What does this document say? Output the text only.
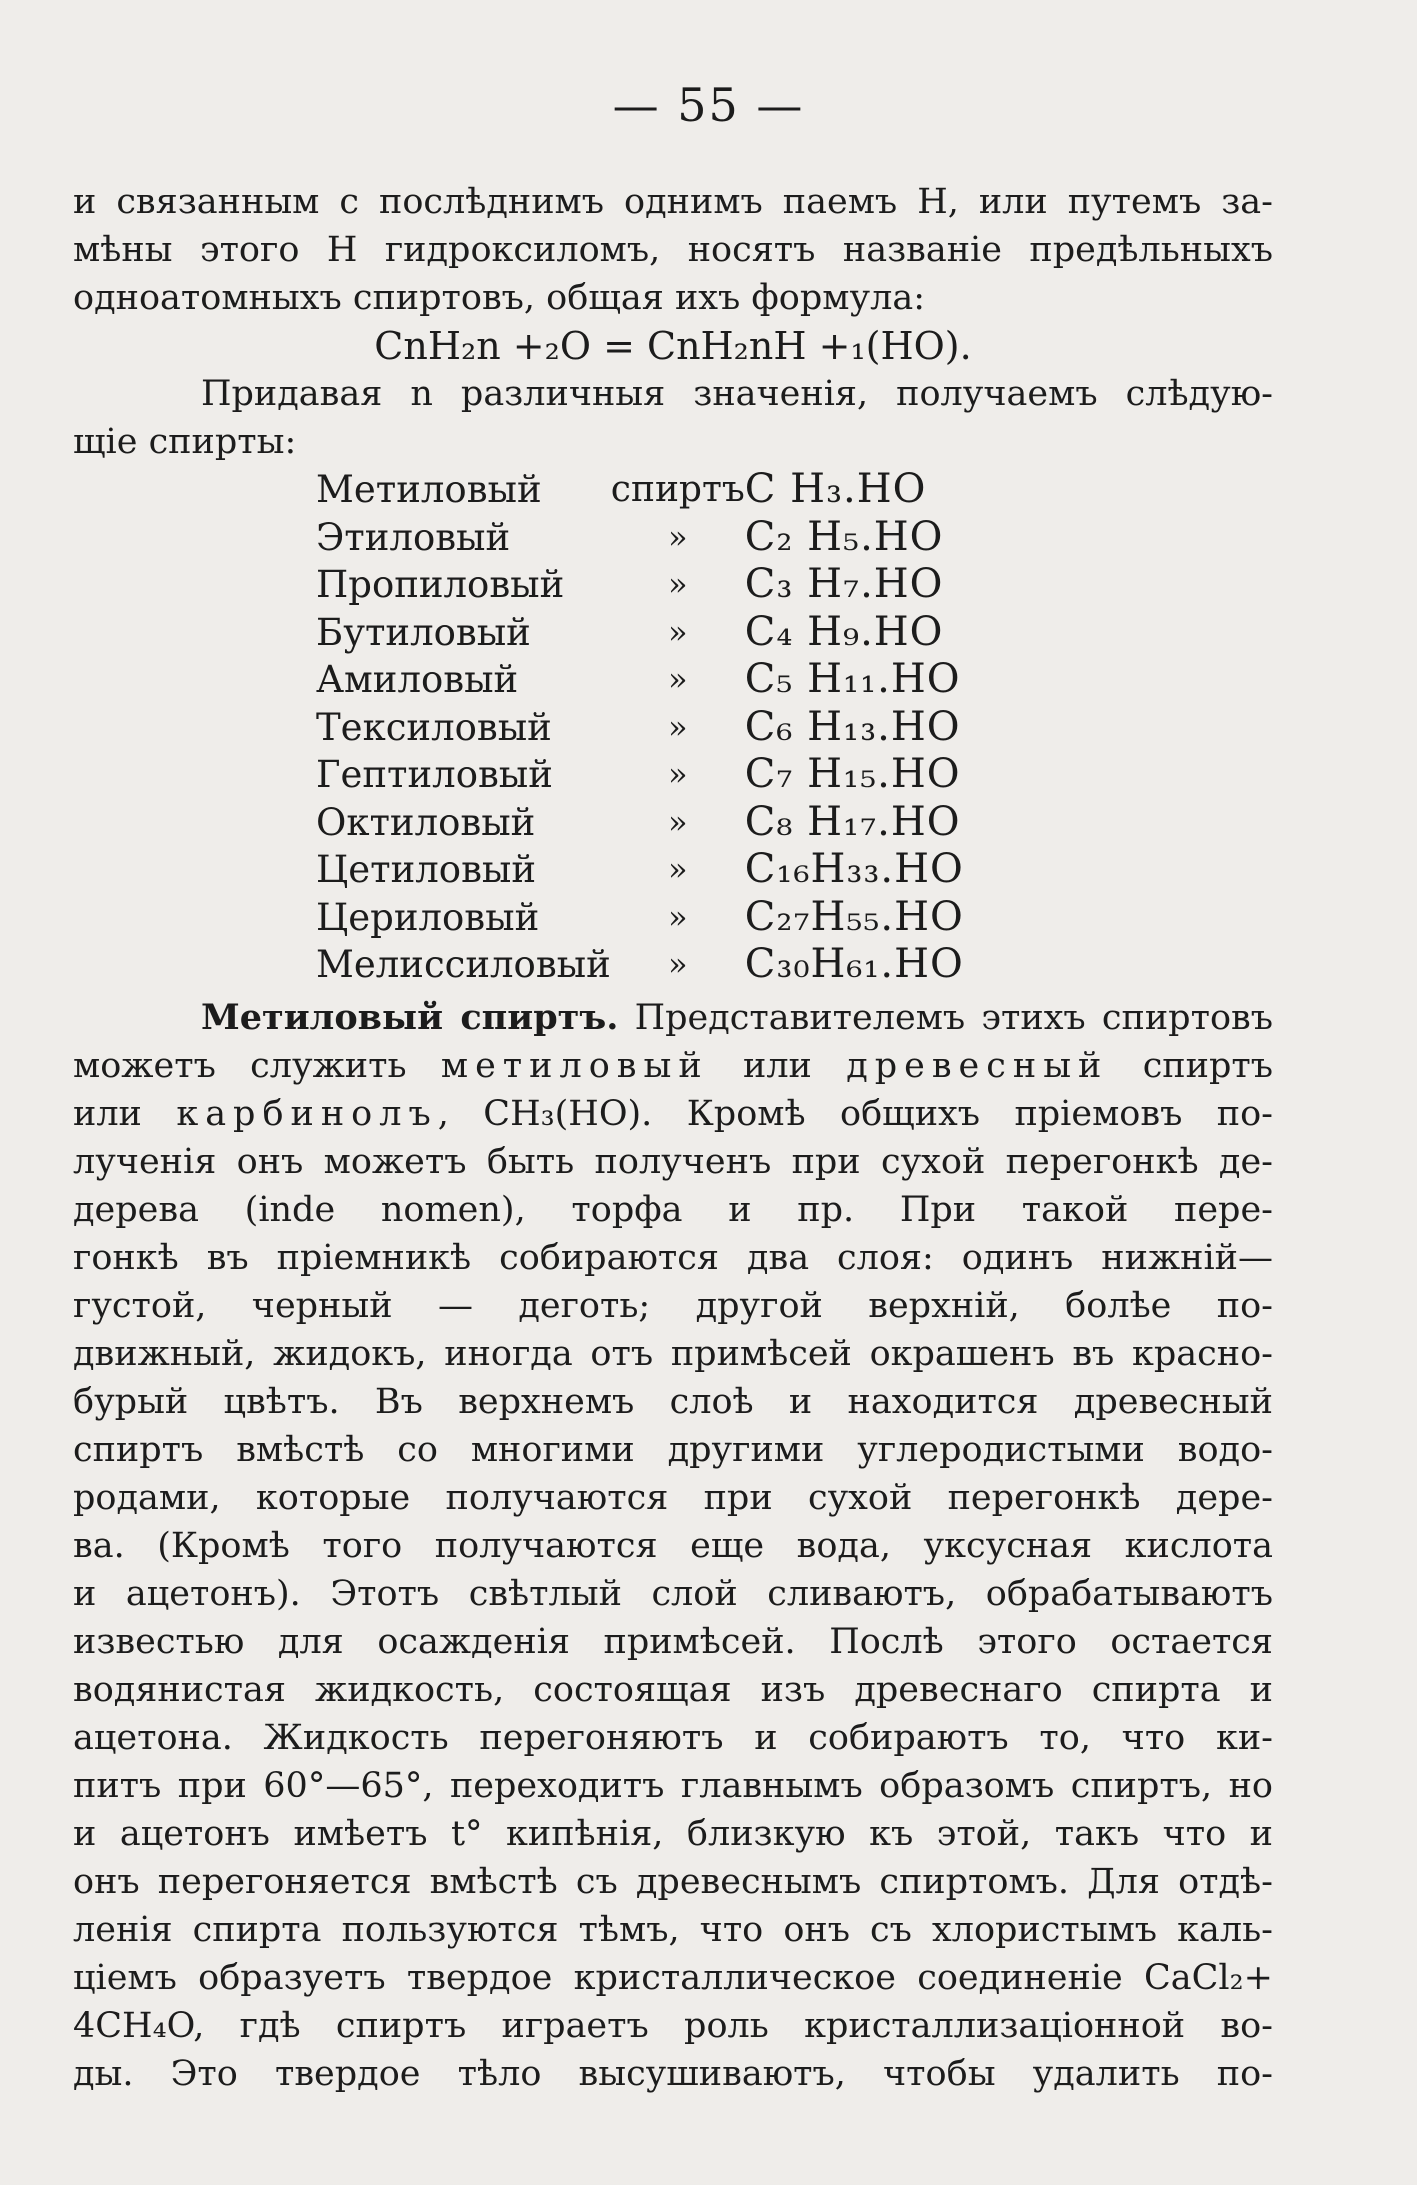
— 55 —
и связанным с послѣднимъ однимъ паемъ H, или путемъ за-
мѣны этого H гидроксиломъ, носятъ названіе предѣльныхъ
одноатомныхъ спиртовъ, общая ихъ формула:
CnH₂n +₂O = CnH₂nH +₁(HO).
Придавая n различныя значенія, получаемъ слѣдую-
щіе спирты:
Метиловый	спиртъ	C H₃.HO
Этиловый	»	C₂ H₅.HO
Пропиловый	»	C₃ H₇.HO
Бутиловый	»	C₄ H₉.HO
Амиловый	»	C₅ H₁₁.HO
Тексиловый	»	C₆ H₁₃.HO
Гептиловый	»	C₇ H₁₅.HO
Октиловый	»	C₈ H₁₇.HO
Цетиловый	»	C₁₆H₃₃.HO
Цериловый	»	C₂₇H₅₅.HO
Мелиссиловый	»	C₃₀H₆₁.HO
Метиловый спиртъ. Представителемъ этихъ спиртовъ
можетъ служить метиловый или древесный спиртъ
или карбинолъ, CH₃(HO). Кромѣ общихъ пріемовъ по-
лученія онъ можетъ быть полученъ при сухой перегонкѣ де-
дерева (inde nomen), торфа и пр. При такой пере-
гонкѣ въ пріемникѣ собираются два слоя: одинъ нижній—
густой, черный — деготь; другой верхній, болѣе по-
движный, жидокъ, иногда отъ примѣсей окрашенъ въ красно-
бурый цвѣтъ. Въ верхнемъ слоѣ и находится древесный
спиртъ вмѣстѣ со многими другими углеродистыми водо-
родами, которые получаются при сухой перегонкѣ дере-
ва. (Кромѣ того получаются еще вода, уксусная кислота
и ацетонъ). Этотъ свѣтлый слой сливаютъ, обрабатываютъ
известью для осажденія примѣсей. Послѣ этого остается
водянистая жидкость, состоящая изъ древеснаго спирта и
ацетона. Жидкость перегоняютъ и собираютъ то, что ки-
питъ при 60°—65°, переходитъ главнымъ образомъ спиртъ, но
и ацетонъ имѣетъ t° кипѣнія, близкую къ этой, такъ что и
онъ перегоняется вмѣстѣ съ древеснымъ спиртомъ. Для отдѣ-
ленія спирта пользуются тѣмъ, что онъ съ хлористымъ каль-
ціемъ образуетъ твердое кристаллическое соединеніе CaCl₂+
4CH₄O, гдѣ спиртъ играетъ роль кристаллизаціонной во-
ды. Это твердое тѣло высушиваютъ, чтобы удалить по-
